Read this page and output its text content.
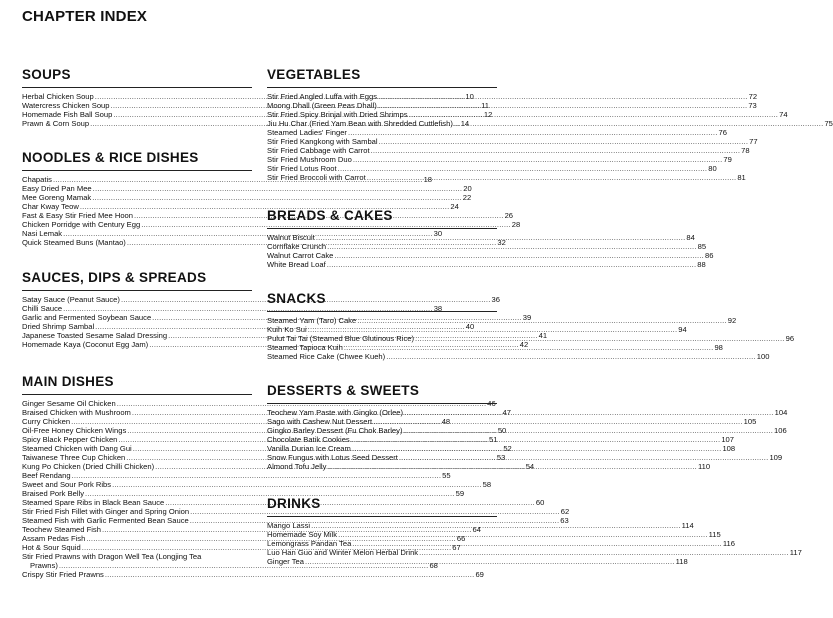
CHAPTER INDEX
SOUPS
Herbal Chicken Soup .....	10
Watercress Chicken Soup .....	11
Homemade Fish Ball Soup .....	12
Prawn & Corn Soup .....	14
NOODLES & RICE DISHES
Chapatis .....	18
Easy Dried Pan Mee .....	20
Mee Goreng Mamak .....	22
Char Kway Teow .....	24
Fast & Easy Stir Fried Mee Hoon .....	26
Chicken Porridge with Century Egg .....	28
Nasi Lemak .....	30
Quick Steamed Buns (Mantao) .....	32
SAUCES, DIPS & SPREADS
Satay Sauce (Peanut Sauce) .....	36
Chilli Sauce .....	38
Garlic and Fermented Soybean Sauce .....	39
Dried Shrimp Sambal .....	40
Japanese Toasted Sesame Salad Dressing .....	41
Homemade Kaya (Coconut Egg Jam) .....	42
MAIN DISHES
Ginger Sesame Oil Chicken .....	46
Braised Chicken with Mushroom .....	47
Curry Chicken .....	48
Oil-Free Honey Chicken Wings .....	50
Spicy Black Pepper Chicken .....	51
Steamed Chicken with Dang Gui .....	52
Taiwanese Three Cup Chicken .....	53
Kung Po Chicken (Dried Chilli Chicken) .....	54
Beef Rendang .....	55
Sweet and Sour Pork Ribs .....	58
Braised Pork Belly .....	59
Steamed Spare Ribs in Black Bean Sauce .....	60
Stir Fried Fish Fillet with Ginger and Spring Onion .....	62
Steamed Fish with Garlic Fermented Bean Sauce .....	63
Teochew Steamed Fish .....	64
Assam Pedas Fish .....	66
Hot & Sour Squid .....	67
Stir Fried Prawns with Dragon Well Tea (Longjing Tea
Prawns) .....	68
Crispy Stir Fried Prawns .....	69
VEGETABLES
Stir Fried Angled Luffa with Eggs .....	72
Moong Dhall (Green Peas Dhall) .....	73
Stir Fried Spicy Brinjal with Dried Shrimps .....	74
Jiu Hu Char (Fried Yam Bean with Shredded Cuttlefish) .....	75
Steamed Ladies' Finger .....	76
Stir Fried Kangkong with Sambal .....	77
Stir Fried Cabbage with Carrot .....	78
Stir Fried Mushroom Duo .....	79
Stir Fried Lotus Root .....	80
Stir Fried Broccoli with Carrot .....	81
BREADS & CAKES
Walnut Biscuit .....	84
Cornflake Crunch .....	85
Walnut Carrot Cake .....	86
White Bread Loaf .....	88
SNACKS
Steamed Yam (Taro) Cake .....	92
Kuih Ko Sui .....	94
Pulut Tai Tai (Steamed Blue Glutinous Rice) .....	96
Steamed Tapioca Kuih .....	98
Steamed Rice Cake (Chwee Kueh) .....	100
DESSERTS & SWEETS
Teochew Yam Paste with Gingko (Orlee) .....	104
Sago with Cashew Nut Dessert .....	105
Gingko Barley Dessert (Fu Chok Barley) .....	106
Chocolate Batik Cookies .....	107
Vanilla Durian Ice Cream .....	108
Snow Fungus with Lotus Seed Dessert .....	109
Almond Tofu Jelly .....	110
DRINKS
Mango Lassi .....	114
Homemade Soy Milk .....	115
Lemongrass Pandan Tea .....	116
Luo Han Guo and Winter Melon Herbal Drink .....	117
Ginger Tea .....	118
